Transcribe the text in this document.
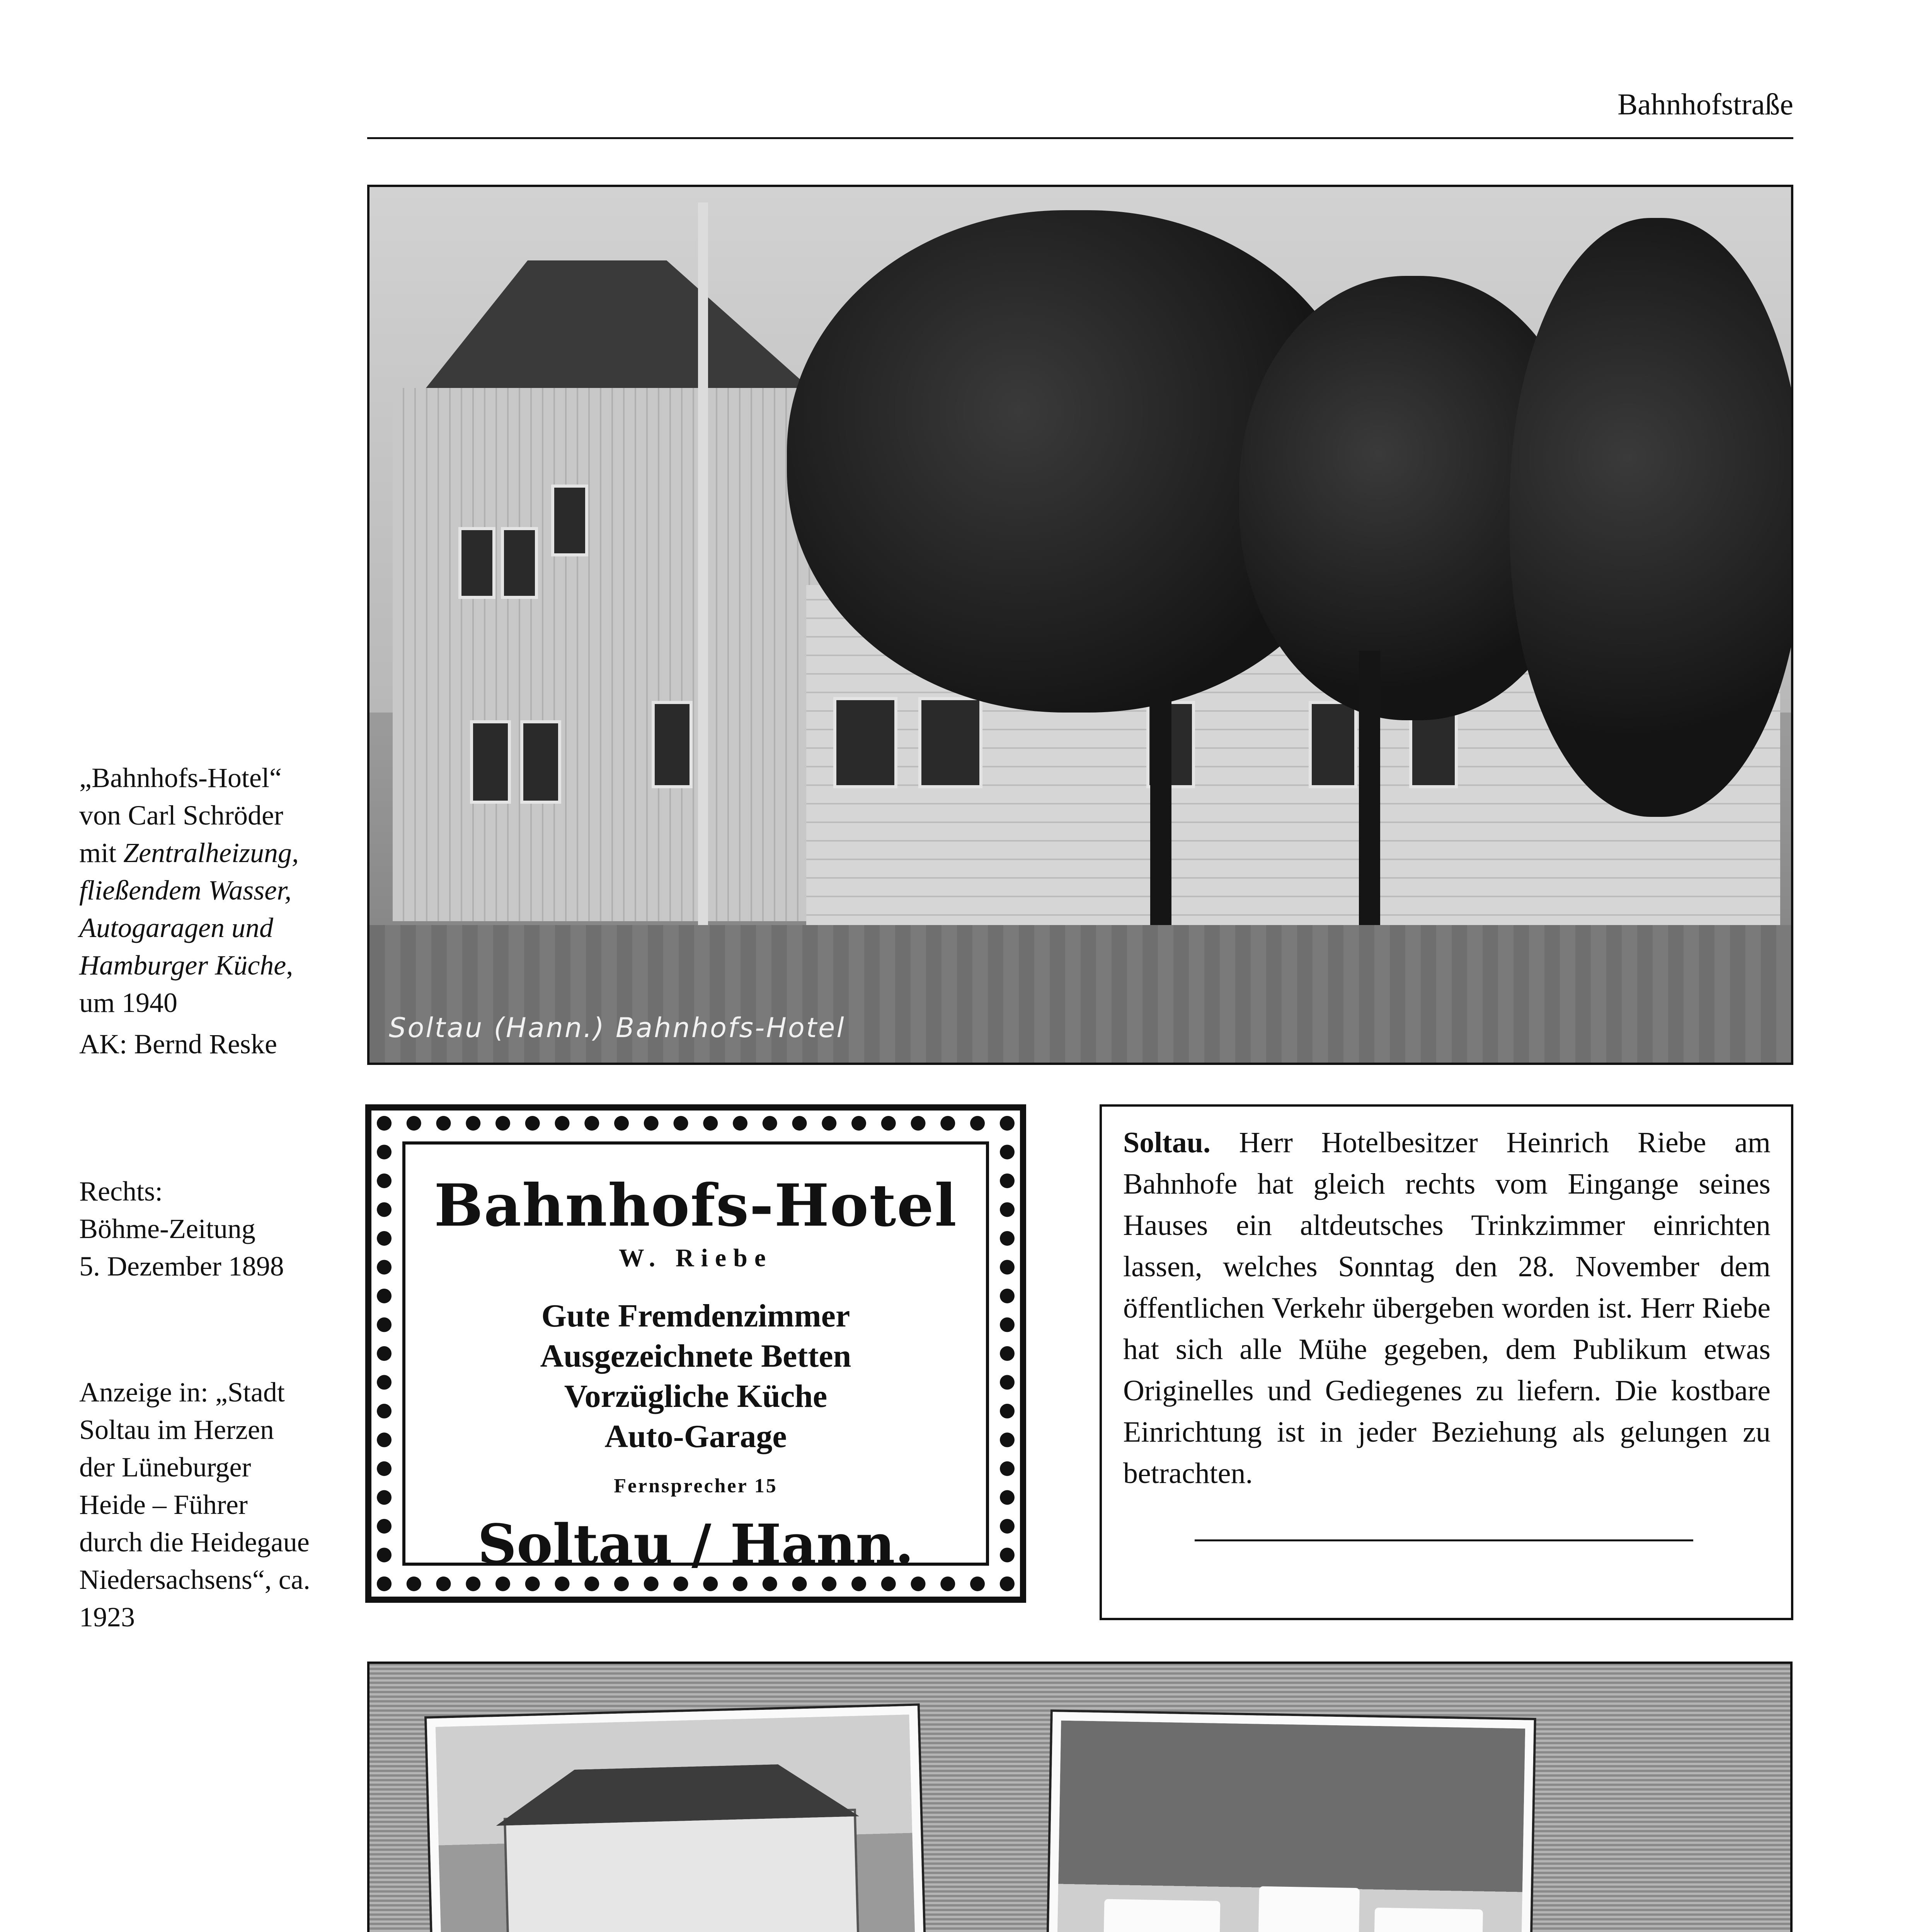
Bahnhofstraße

„Bahnhofs-Hotel“

von Carl Schröder

mit Zentralheizung,

fließendem Wasser,

Autogaragen und

Hamburger Küche,

um 1940

AK: Bernd Reske

Soltau (Hann.) Bahnhofs-Hotel

Rechts:

Böhme-Zeitung

5. Dezember 1898

Anzeige in: „Stadt

Soltau im Herzen

der Lüneburger

Heide – Führer

durch die Heidegaue

Niedersachsens“, ca.

1923

Bahnhofs-Hotel
W. Riebe
Gute Fremdenzimmer
Ausgezeichnete Betten
Vorzügliche Küche
Auto-Garage
Fernsprecher 15
Soltau / Hann.
Soltau. Herr Hotelbesitzer Heinrich Riebe am Bahnhofe hat gleich rechts vom Eingange seines Hauses ein altdeutsches Trinkzimmer einrichten lassen, welches Sonntag den 28. November dem öffentlichen Verkehr übergeben worden ist. Herr Riebe hat sich alle Mühe gegeben, dem Publikum etwas Originelles und Gediegenes zu liefern. Die kostbare Einrichtung ist in jeder Beziehung als gelungen zu betrachten.
